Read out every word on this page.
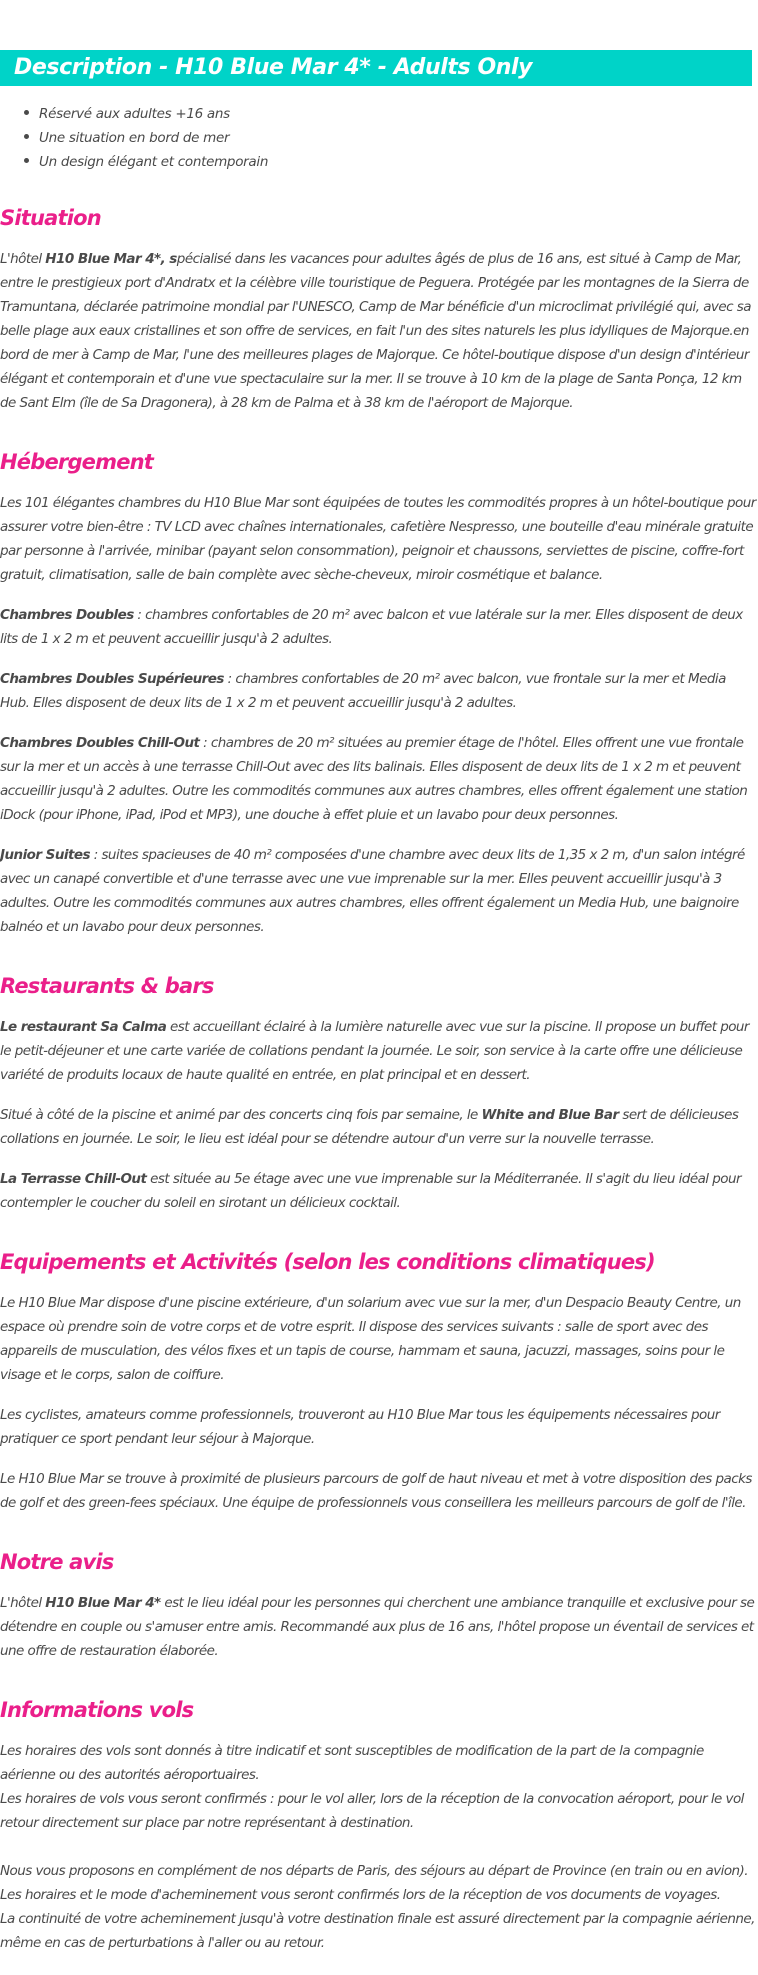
Description - H10 Blue Mar 4* - Adults Only
Réservé aux adultes +16 ans
Une situation en bord de mer
Un design élégant et contemporain
Situation

L'hôtel H10 Blue Mar 4*, spécialisé dans les vacances pour adultes âgés de plus de 16 ans, est situé à Camp de Mar, entre le prestigieux port d'Andratx et la célèbre ville touristique de Peguera. Protégée par les montagnes de la Sierra de Tramuntana, déclarée patrimoine mondial par l'UNESCO, Camp de Mar bénéficie d'un microclimat privilégié qui, avec sa belle plage aux eaux cristallines et son offre de services, en fait l'un des sites naturels les plus idylliques de Majorque.en bord de mer à Camp de Mar, l'une des meilleures plages de Majorque. Ce hôtel-boutique dispose d'un design d'intérieur élégant et contemporain et d'une vue spectaculaire sur la mer. Il se trouve à 10 km de la plage de Santa Ponça, 12 km de Sant Elm (île de Sa Dragonera), à 28 km de Palma et à 38 km de l'aéroport de Majorque.

Hébergement

Les 101 élégantes chambres du H10 Blue Mar sont équipées de toutes les commodités propres à un hôtel-boutique pour assurer votre bien-être : TV LCD avec chaînes internationales, cafetière Nespresso, une bouteille d'eau minérale gratuite par personne à l'arrivée, minibar (payant selon consommation), peignoir et chaussons, serviettes de piscine, coffre-fort gratuit, climatisation, salle de bain complète avec sèche-cheveux, miroir cosmétique et balance.

Chambres Doubles : chambres confortables de 20 m² avec balcon et vue latérale sur la mer. Elles disposent de deux lits de 1 x 2 m et peuvent accueillir jusqu'à 2 adultes.

Chambres Doubles Supérieures : chambres confortables de 20 m² avec balcon, vue frontale sur la mer et Media Hub. Elles disposent de deux lits de 1 x 2 m et peuvent accueillir jusqu'à 2 adultes.

Chambres Doubles Chill-Out : chambres de 20 m² situées au premier étage de l'hôtel. Elles offrent une vue frontale sur la mer et un accès à une terrasse Chill-Out avec des lits balinais. Elles disposent de deux lits de 1 x 2 m et peuvent accueillir jusqu'à 2 adultes. Outre les commodités communes aux autres chambres, elles offrent également une station iDock (pour iPhone, iPad, iPod et MP3), une douche à effet pluie et un lavabo pour deux personnes.

Junior Suites : suites spacieuses de 40 m² composées d'une chambre avec deux lits de 1,35 x 2 m, d'un salon intégré avec un canapé convertible et d'une terrasse avec une vue imprenable sur la mer. Elles peuvent accueillir jusqu'à 3 adultes. Outre les commodités communes aux autres chambres, elles offrent également un Media Hub, une baignoire balnéo et un lavabo pour deux personnes.

Restaurants & bars

Le restaurant Sa Calma est accueillant éclairé à la lumière naturelle avec vue sur la piscine. Il propose un buffet pour le petit-déjeuner et une carte variée de collations pendant la journée. Le soir, son service à la carte offre une délicieuse variété de produits locaux de haute qualité en entrée, en plat principal et en dessert.

Situé à côté de la piscine et animé par des concerts cinq fois par semaine, le White and Blue Bar sert de délicieuses collations en journée. Le soir, le lieu est idéal pour se détendre autour d'un verre sur la nouvelle terrasse.

La Terrasse Chill-Out est située au 5e étage avec une vue imprenable sur la Méditerranée. Il s'agit du lieu idéal pour contempler le coucher du soleil en sirotant un délicieux cocktail.

Equipements et Activités (selon les conditions climatiques)

Le H10 Blue Mar dispose d'une piscine extérieure, d'un solarium avec vue sur la mer, d'un Despacio Beauty Centre, un espace où prendre soin de votre corps et de votre esprit. Il dispose des services suivants : salle de sport avec des appareils de musculation, des vélos fixes et un tapis de course, hammam et sauna, jacuzzi, massages, soins pour le visage et le corps, salon de coiffure.

Les cyclistes, amateurs comme professionnels, trouveront au H10 Blue Mar tous les équipements nécessaires pour pratiquer ce sport pendant leur séjour à Majorque.

Le H10 Blue Mar se trouve à proximité de plusieurs parcours de golf de haut niveau et met à votre disposition des packs de golf et des green-fees spéciaux. Une équipe de professionnels vous conseillera les meilleurs parcours de golf de l'île.

Notre avis

L'hôtel H10 Blue Mar 4* est le lieu idéal pour les personnes qui cherchent une ambiance tranquille et exclusive pour se détendre en couple ou s'amuser entre amis. Recommandé aux plus de 16 ans, l'hôtel propose un éventail de services et une offre de restauration élaborée.

Informations vols

Les horaires des vols sont donnés à titre indicatif et sont susceptibles de modification de la part de la compagnie aérienne ou des autorités aéroportuaires.

Les horaires de vols vous seront confirmés : pour le vol aller, lors de la réception de la convocation aéroport, pour le vol retour directement sur place par notre représentant à destination.

Nous vous proposons en complément de nos départs de Paris, des séjours au départ de Province (en train ou en avion).

Les horaires et le mode d'acheminement vous seront confirmés lors de la réception de vos documents de voyages.

La continuité de votre acheminement jusqu'à votre destination finale est assuré directement par la compagnie aérienne, même en cas de perturbations à l'aller ou au retour.
